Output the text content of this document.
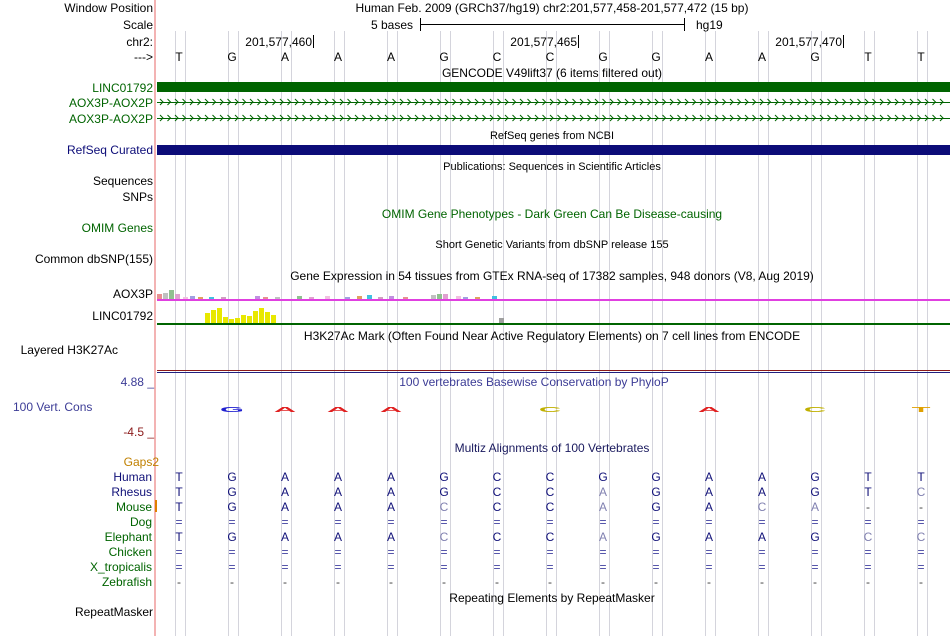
Window Position
Scale
chr2:
--->
Human Feb. 2009 (GRCh37/hg19) chr2:201,577,458-201,577,472 (15 bp)
5 bases	hg19
201,577,460	201,577,465	201,577,470
T	G	A	A	A	G	C	C	G	G	A	A	G	T	T
GENCODE V49lift37 (6 items filtered out)
LINC01792
AOX3P-AOX2P
AOX3P-AOX2P
RefSeq genes from NCBI
RefSeq Curated
Publications: Sequences in Scientific Articles
Sequences
SNPs
OMIM Gene Phenotypes - Dark Green Can Be Disease-causing
OMIM Genes
Short Genetic Variants from dbSNP release 155
Common dbSNP(155)
Gene Expression in 54 tissues from GTEx RNA-seq of 17382 samples, 948 donors (V8, Aug 2019)
AOX3P
LINC01792
H3K27Ac Mark (Often Found Near Active Regulatory Elements) on 7 cell lines from ENCODE
Layered H3K27Ac
4.88 _	100 vertebrates Basewise Conservation by PhyloP
100 Vert. Cons
-4.5 _
G	A	A	A	C	A	C	T
Multiz Alignments of 100 Vertebrates
Gaps2
Human	T	G	A	A	A	G	C	C	G	G	A	A	G	T	T
Rhesus	T	G	A	A	A	G	C	C	A	G	A	A	G	T	C
Mouse	T	G	A	A	A	C	C	C	A	G	A	C	A	-	-
Dog	=	=	=	=	=	=	=	=	=	=	=	=	=	=	=
Elephant	T	G	A	A	A	C	C	C	A	G	A	A	G	C	C
Chicken	=	=	=	=	=	=	=	=	=	=	=	=	=	=	=
X_tropicalis	=	=	=	=	=	=	=	=	=	=	=	=	=	=	=
Zebrafish	-	-	-	-	-	-	-	-	-	-	-	-	-	-	-
Repeating Elements by RepeatMasker
RepeatMasker
